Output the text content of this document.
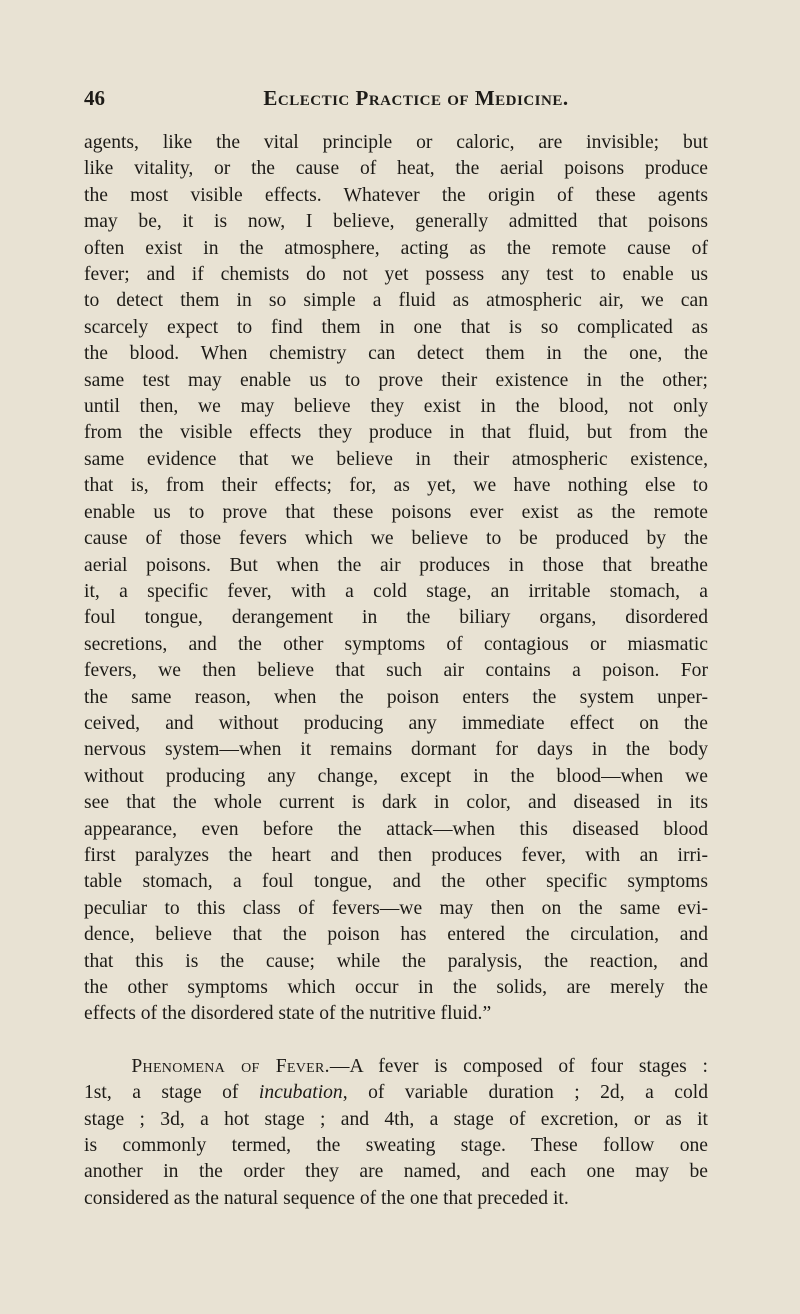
46	Eclectic Practice of Medicine.
agents, like the vital principle or caloric, are invisible; but
like vitality, or the cause of heat, the aerial poisons produce
the most visible effects. Whatever the origin of these agents
may be, it is now, I believe, generally admitted that poisons
often exist in the atmosphere, acting as the remote cause of
fever; and if chemists do not yet possess any test to enable us
to detect them in so simple a fluid as atmospheric air, we can
scarcely expect to find them in one that is so complicated as
the blood. When chemistry can detect them in the one, the
same test may enable us to prove their existence in the other;
until then, we may believe they exist in the blood, not only
from the visible effects they produce in that fluid, but from the
same evidence that we believe in their atmospheric existence,
that is, from their effects; for, as yet, we have nothing else to
enable us to prove that these poisons ever exist as the remote
cause of those fevers which we believe to be produced by the
aerial poisons. But when the air produces in those that breathe
it, a specific fever, with a cold stage, an irritable stomach, a
foul tongue, derangement in the biliary organs, disordered
secretions, and the other symptoms of contagious or miasmatic
fevers, we then believe that such air contains a poison. For
the same reason, when the poison enters the system unper-
ceived, and without producing any immediate effect on the
nervous system—when it remains dormant for days in the body
without producing any change, except in the blood—when we
see that the whole current is dark in color, and diseased in its
appearance, even before the attack—when this diseased blood
first paralyzes the heart and then produces fever, with an irri-
table stomach, a foul tongue, and the other specific symptoms
peculiar to this class of fevers—we may then on the same evi-
dence, believe that the poison has entered the circulation, and
that this is the cause; while the paralysis, the reaction, and
the other symptoms which occur in the solids, are merely the
effects of the disordered state of the nutritive fluid.”
Phenomena of Fever.—A fever is composed of four stages :
1st, a stage of incubation, of variable duration ; 2d, a cold
stage ; 3d, a hot stage ; and 4th, a stage of excretion, or as it
is commonly termed, the sweating stage. These follow one
another in the order they are named, and each one may be
considered as the natural sequence of the one that preceded it.
